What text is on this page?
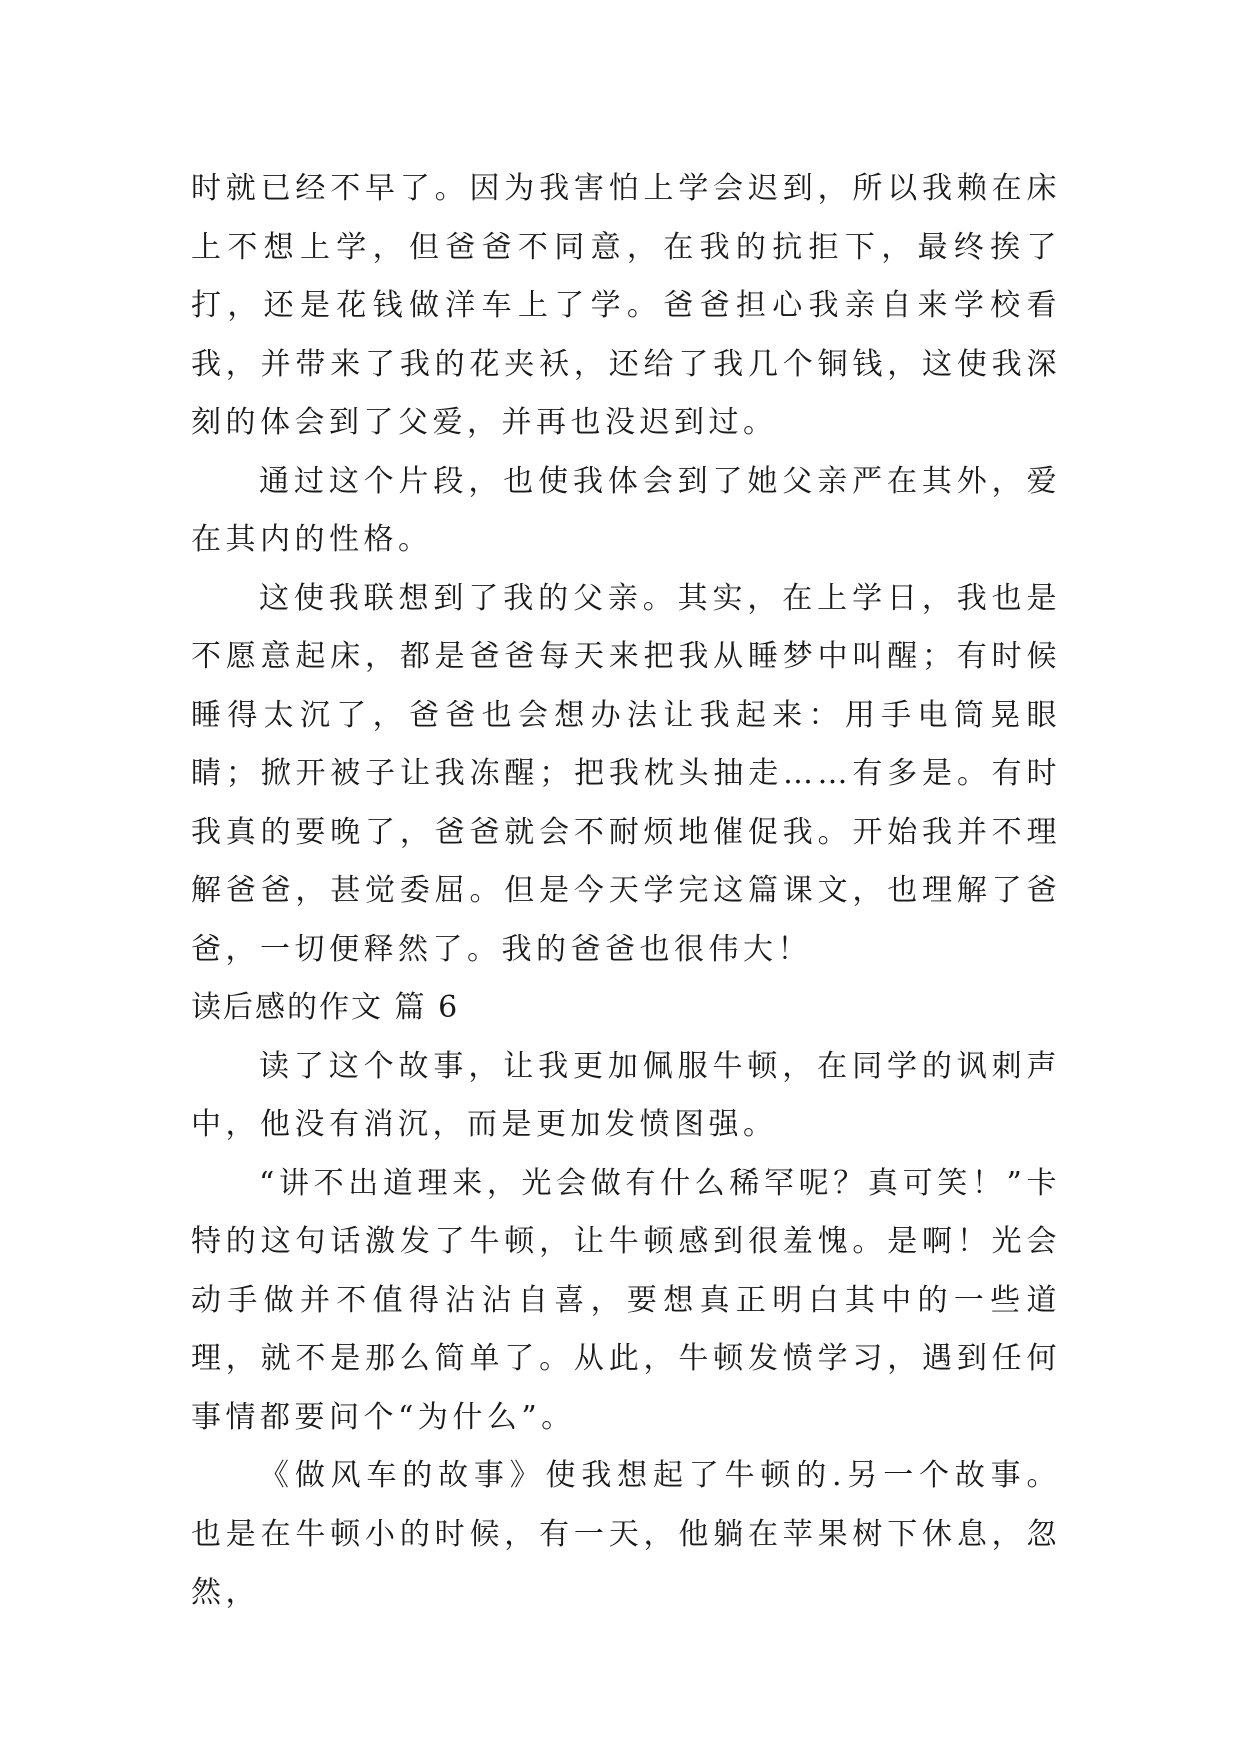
时就已经不早了。因为我害怕上学会迟到，所以我赖在床上不想上学，但爸爸不同意，在我的抗拒下，最终挨了打，还是花钱做洋车上了学。爸爸担心我亲自来学校看我，并带来了我的花夹袄，还给了我几个铜钱，这使我深刻的体会到了父爱，并再也没迟到过。

通过这个片段，也使我体会到了她父亲严在其外，爱在其内的性格。

这使我联想到了我的父亲。其实，在上学日，我也是不愿意起床，都是爸爸每天来把我从睡梦中叫醒；有时候睡得太沉了，爸爸也会想办法让我起来：用手电筒晃眼睛；掀开被子让我冻醒；把我枕头抽走……有多是。有时我真的要晚了，爸爸就会不耐烦地催促我。开始我并不理解爸爸，甚觉委屈。但是今天学完这篇课文，也理解了爸爸，一切便释然了。我的爸爸也很伟大！

读后感的作文 篇 6

读了这个故事，让我更加佩服牛顿，在同学的讽刺声中，他没有消沉，而是更加发愤图强。

“讲不出道理来，光会做有什么稀罕呢？真可笑！”卡特的这句话激发了牛顿，让牛顿感到很羞愧。是啊！光会动手做并不值得沾沾自喜，要想真正明白其中的一些道理，就不是那么简单了。从此，牛顿发愤学习，遇到任何事情都要问个“为什么”。

《做风车的故事》使我想起了牛顿的.另一个故事。也是在牛顿小的时候，有一天，他躺在苹果树下休息，忽然，
